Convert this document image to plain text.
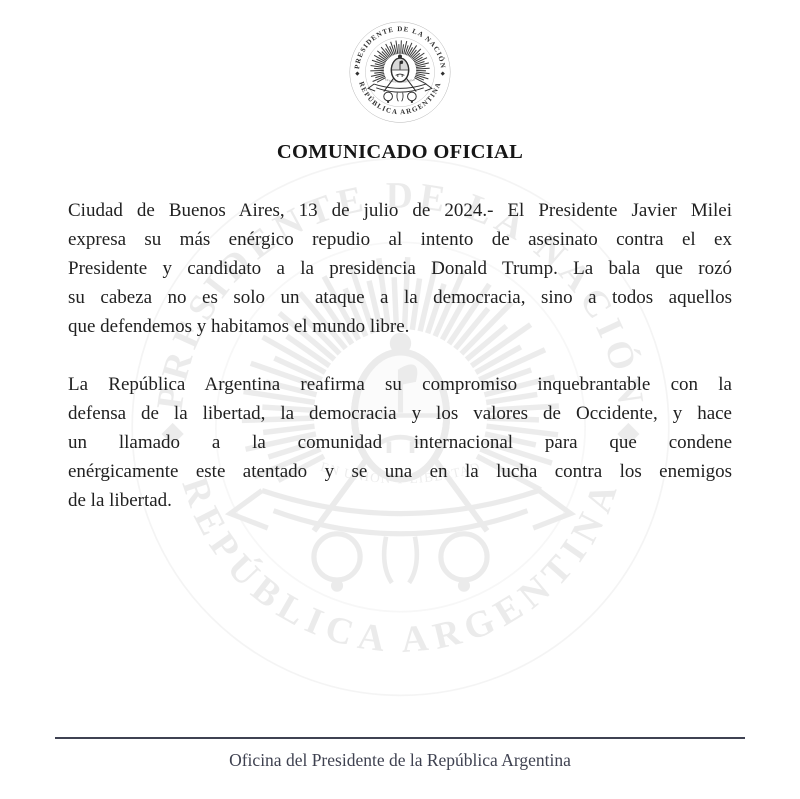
COMUNICADO OFICIAL

Ciudad de Buenos Aires, 13 de julio de 2024.- El Presidente Javier Milei
expresa su más enérgico repudio al intento de asesinato contra el ex
Presidente y candidato a la presidencia Donald Trump. La bala que rozó
su cabeza no es solo un ataque a la democracia, sino a todos aquellos
que defendemos y habitamos el mundo libre.

La República Argentina reafirma su compromiso inquebrantable con la
defensa de la libertad, la democracia y los valores de Occidente, y hace
un llamado a la comunidad internacional para que condene
enérgicamente este atentado y se una en la lucha contra los enemigos
de la libertad.

Oficina del Presidente de la República Argentina
